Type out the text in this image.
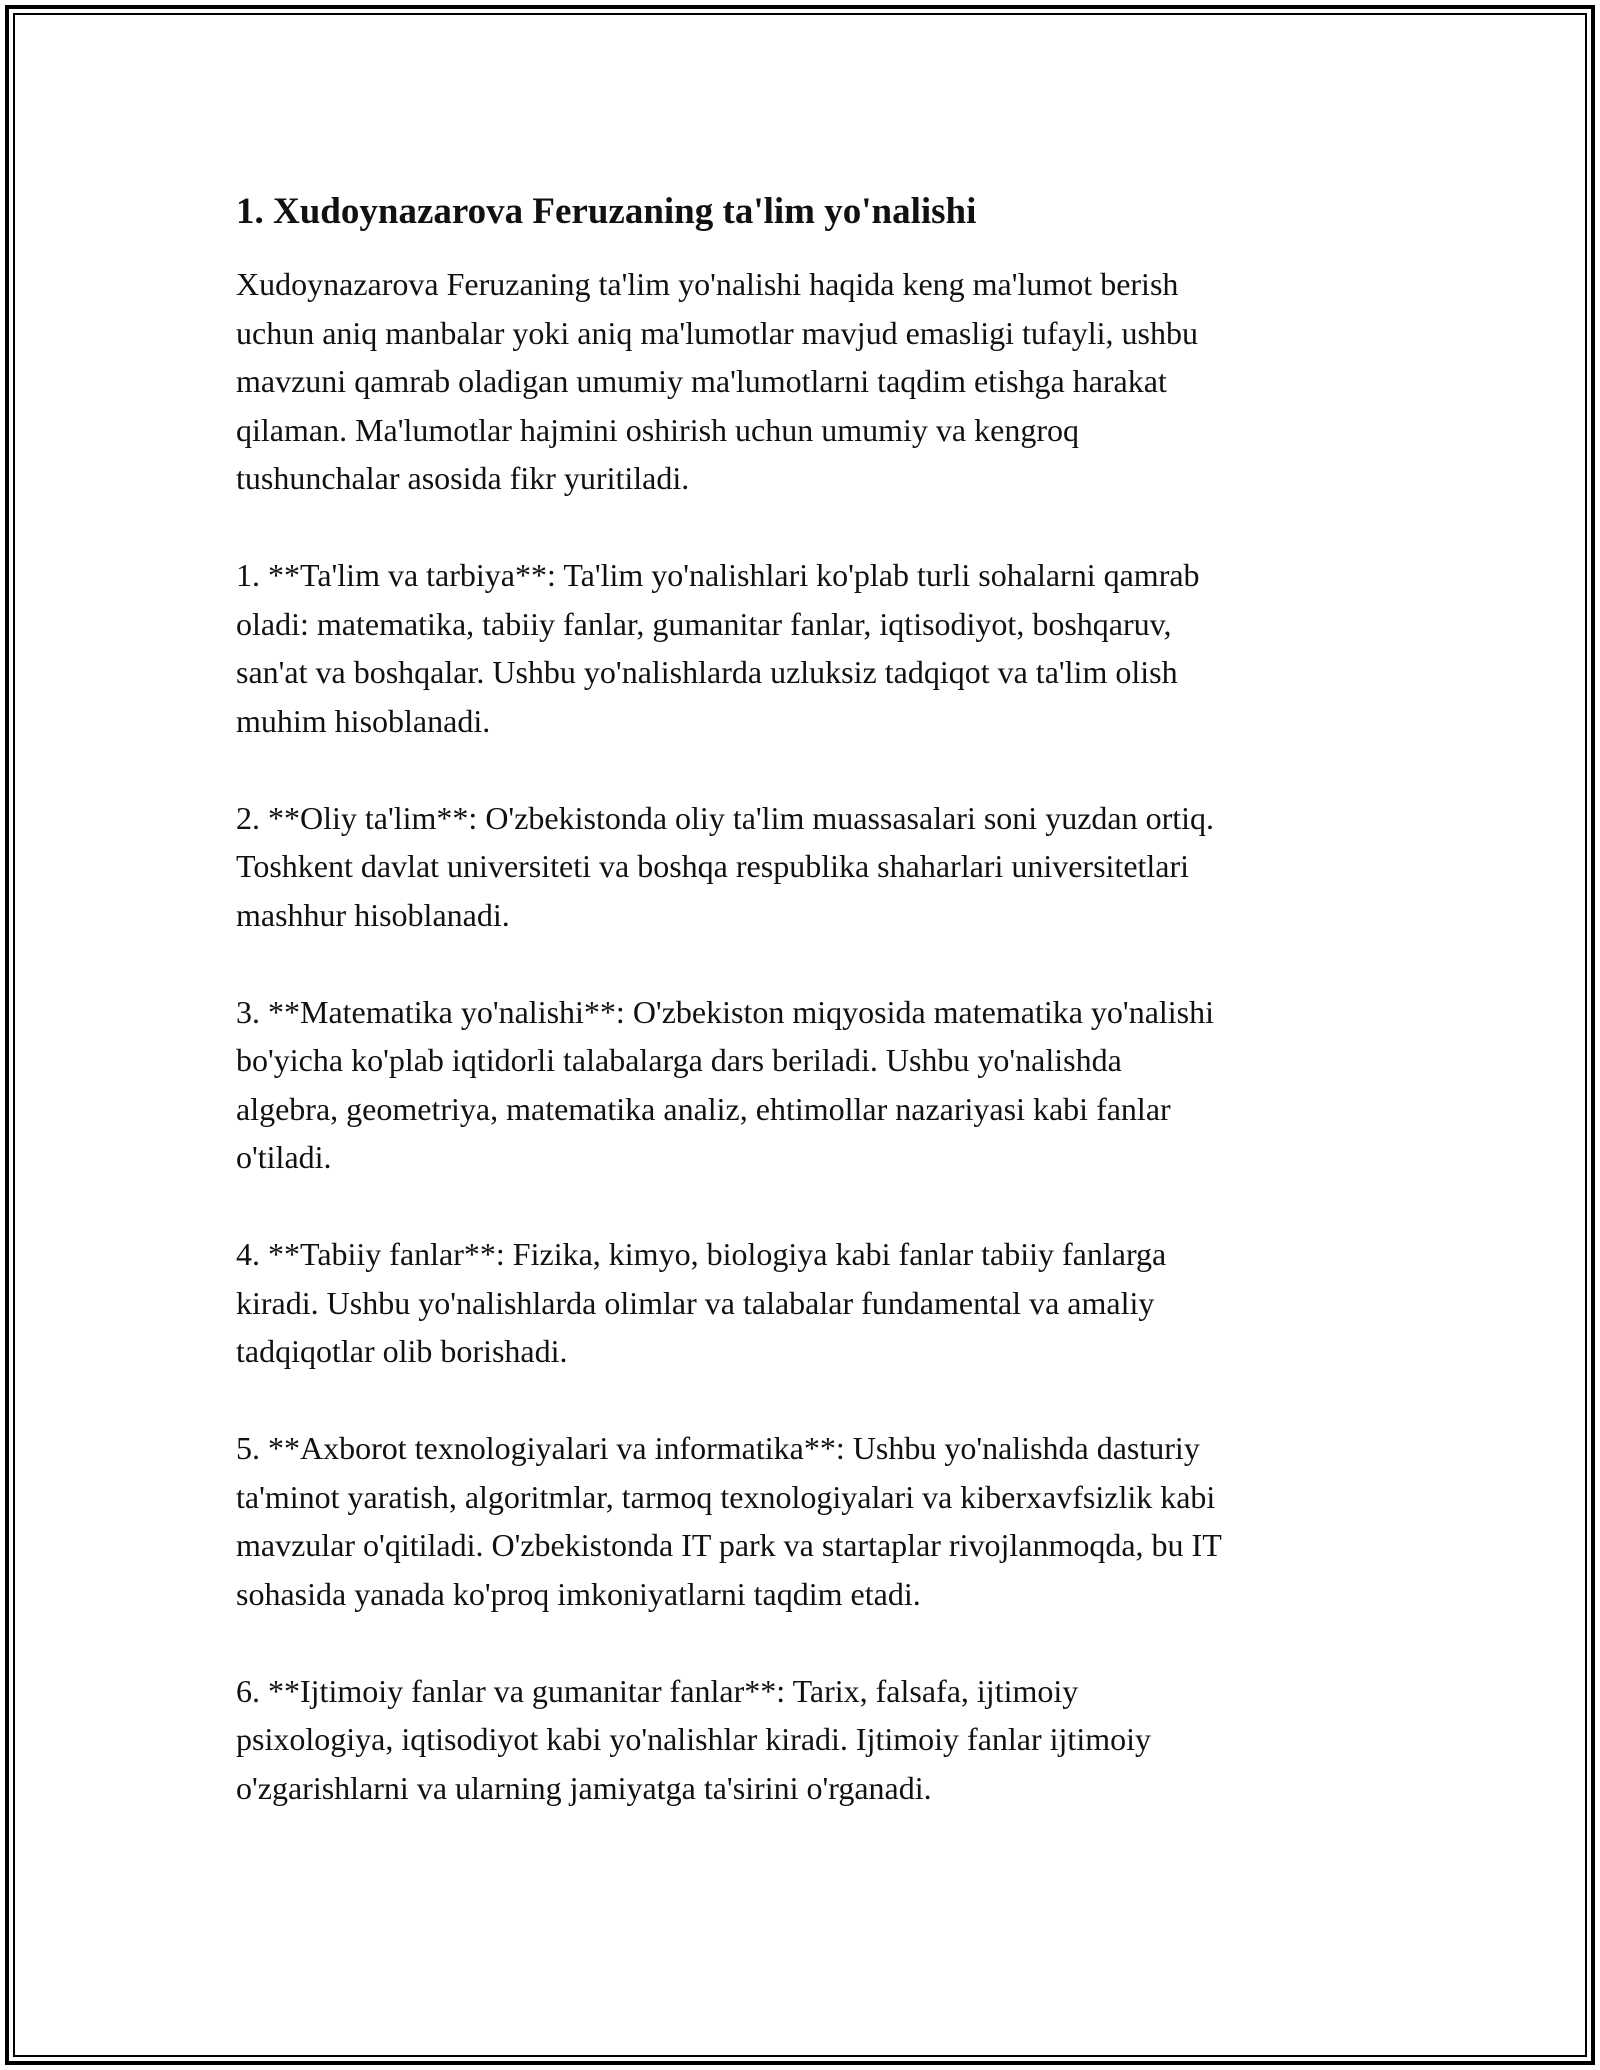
1. Xudoynazarova Feruzaning ta'lim yo'nalishi

Xudoynazarova Feruzaning ta'lim yo'nalishi haqida keng ma'lumot berish
uchun aniq manbalar yoki aniq ma'lumotlar mavjud emasligi tufayli, ushbu
mavzuni qamrab oladigan umumiy ma'lumotlarni taqdim etishga harakat
qilaman. Ma'lumotlar hajmini oshirish uchun umumiy va kengroq
tushunchalar asosida fikr yuritiladi.

1. **Ta'lim va tarbiya**: Ta'lim yo'nalishlari ko'plab turli sohalarni qamrab
oladi: matematika, tabiiy fanlar, gumanitar fanlar, iqtisodiyot, boshqaruv,
san'at va boshqalar. Ushbu yo'nalishlarda uzluksiz tadqiqot va ta'lim olish
muhim hisoblanadi.

2. **Oliy ta'lim**: O'zbekistonda oliy ta'lim muassasalari soni yuzdan ortiq.
Toshkent davlat universiteti va boshqa respublika shaharlari universitetlari
mashhur hisoblanadi.

3. **Matematika yo'nalishi**: O'zbekiston miqyosida matematika yo'nalishi
bo'yicha ko'plab iqtidorli talabalarga dars beriladi. Ushbu yo'nalishda
algebra, geometriya, matematika analiz, ehtimollar nazariyasi kabi fanlar
o'tiladi.

4. **Tabiiy fanlar**: Fizika, kimyo, biologiya kabi fanlar tabiiy fanlarga
kiradi. Ushbu yo'nalishlarda olimlar va talabalar fundamental va amaliy
tadqiqotlar olib borishadi.

5. **Axborot texnologiyalari va informatika**: Ushbu yo'nalishda dasturiy
ta'minot yaratish, algoritmlar, tarmoq texnologiyalari va kiberxavfsizlik kabi
mavzular o'qitiladi. O'zbekistonda IT park va startaplar rivojlanmoqda, bu IT
sohasida yanada ko'proq imkoniyatlarni taqdim etadi.

6. **Ijtimoiy fanlar va gumanitar fanlar**: Tarix, falsafa, ijtimoiy
psixologiya, iqtisodiyot kabi yo'nalishlar kiradi. Ijtimoiy fanlar ijtimoiy
o'zgarishlarni va ularning jamiyatga ta'sirini o'rganadi.
